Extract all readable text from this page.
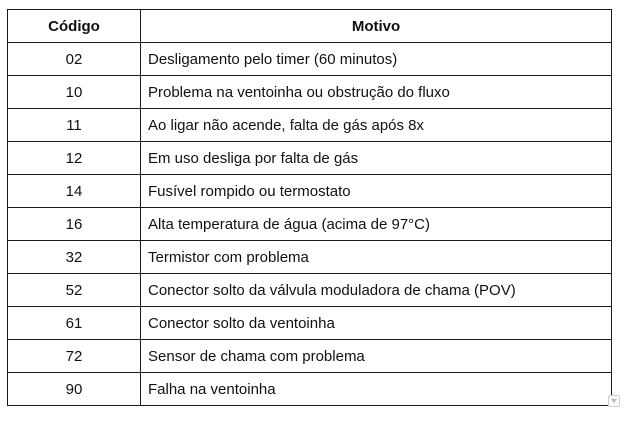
Código	Motivo
02	Desligamento pelo timer (60 minutos)
10	Problema na ventoinha ou obstrução do fluxo
11	Ao ligar não acende, falta de gás após 8x
12	Em uso desliga por falta de gás
14	Fusível rompido ou termostato
16	Alta temperatura de água (acima de 97°C)
32	Termistor com problema
52	Conector solto da válvula moduladora de chama (POV)
61	Conector solto da ventoinha
72	Sensor de chama com problema
90	Falha na ventoinha
